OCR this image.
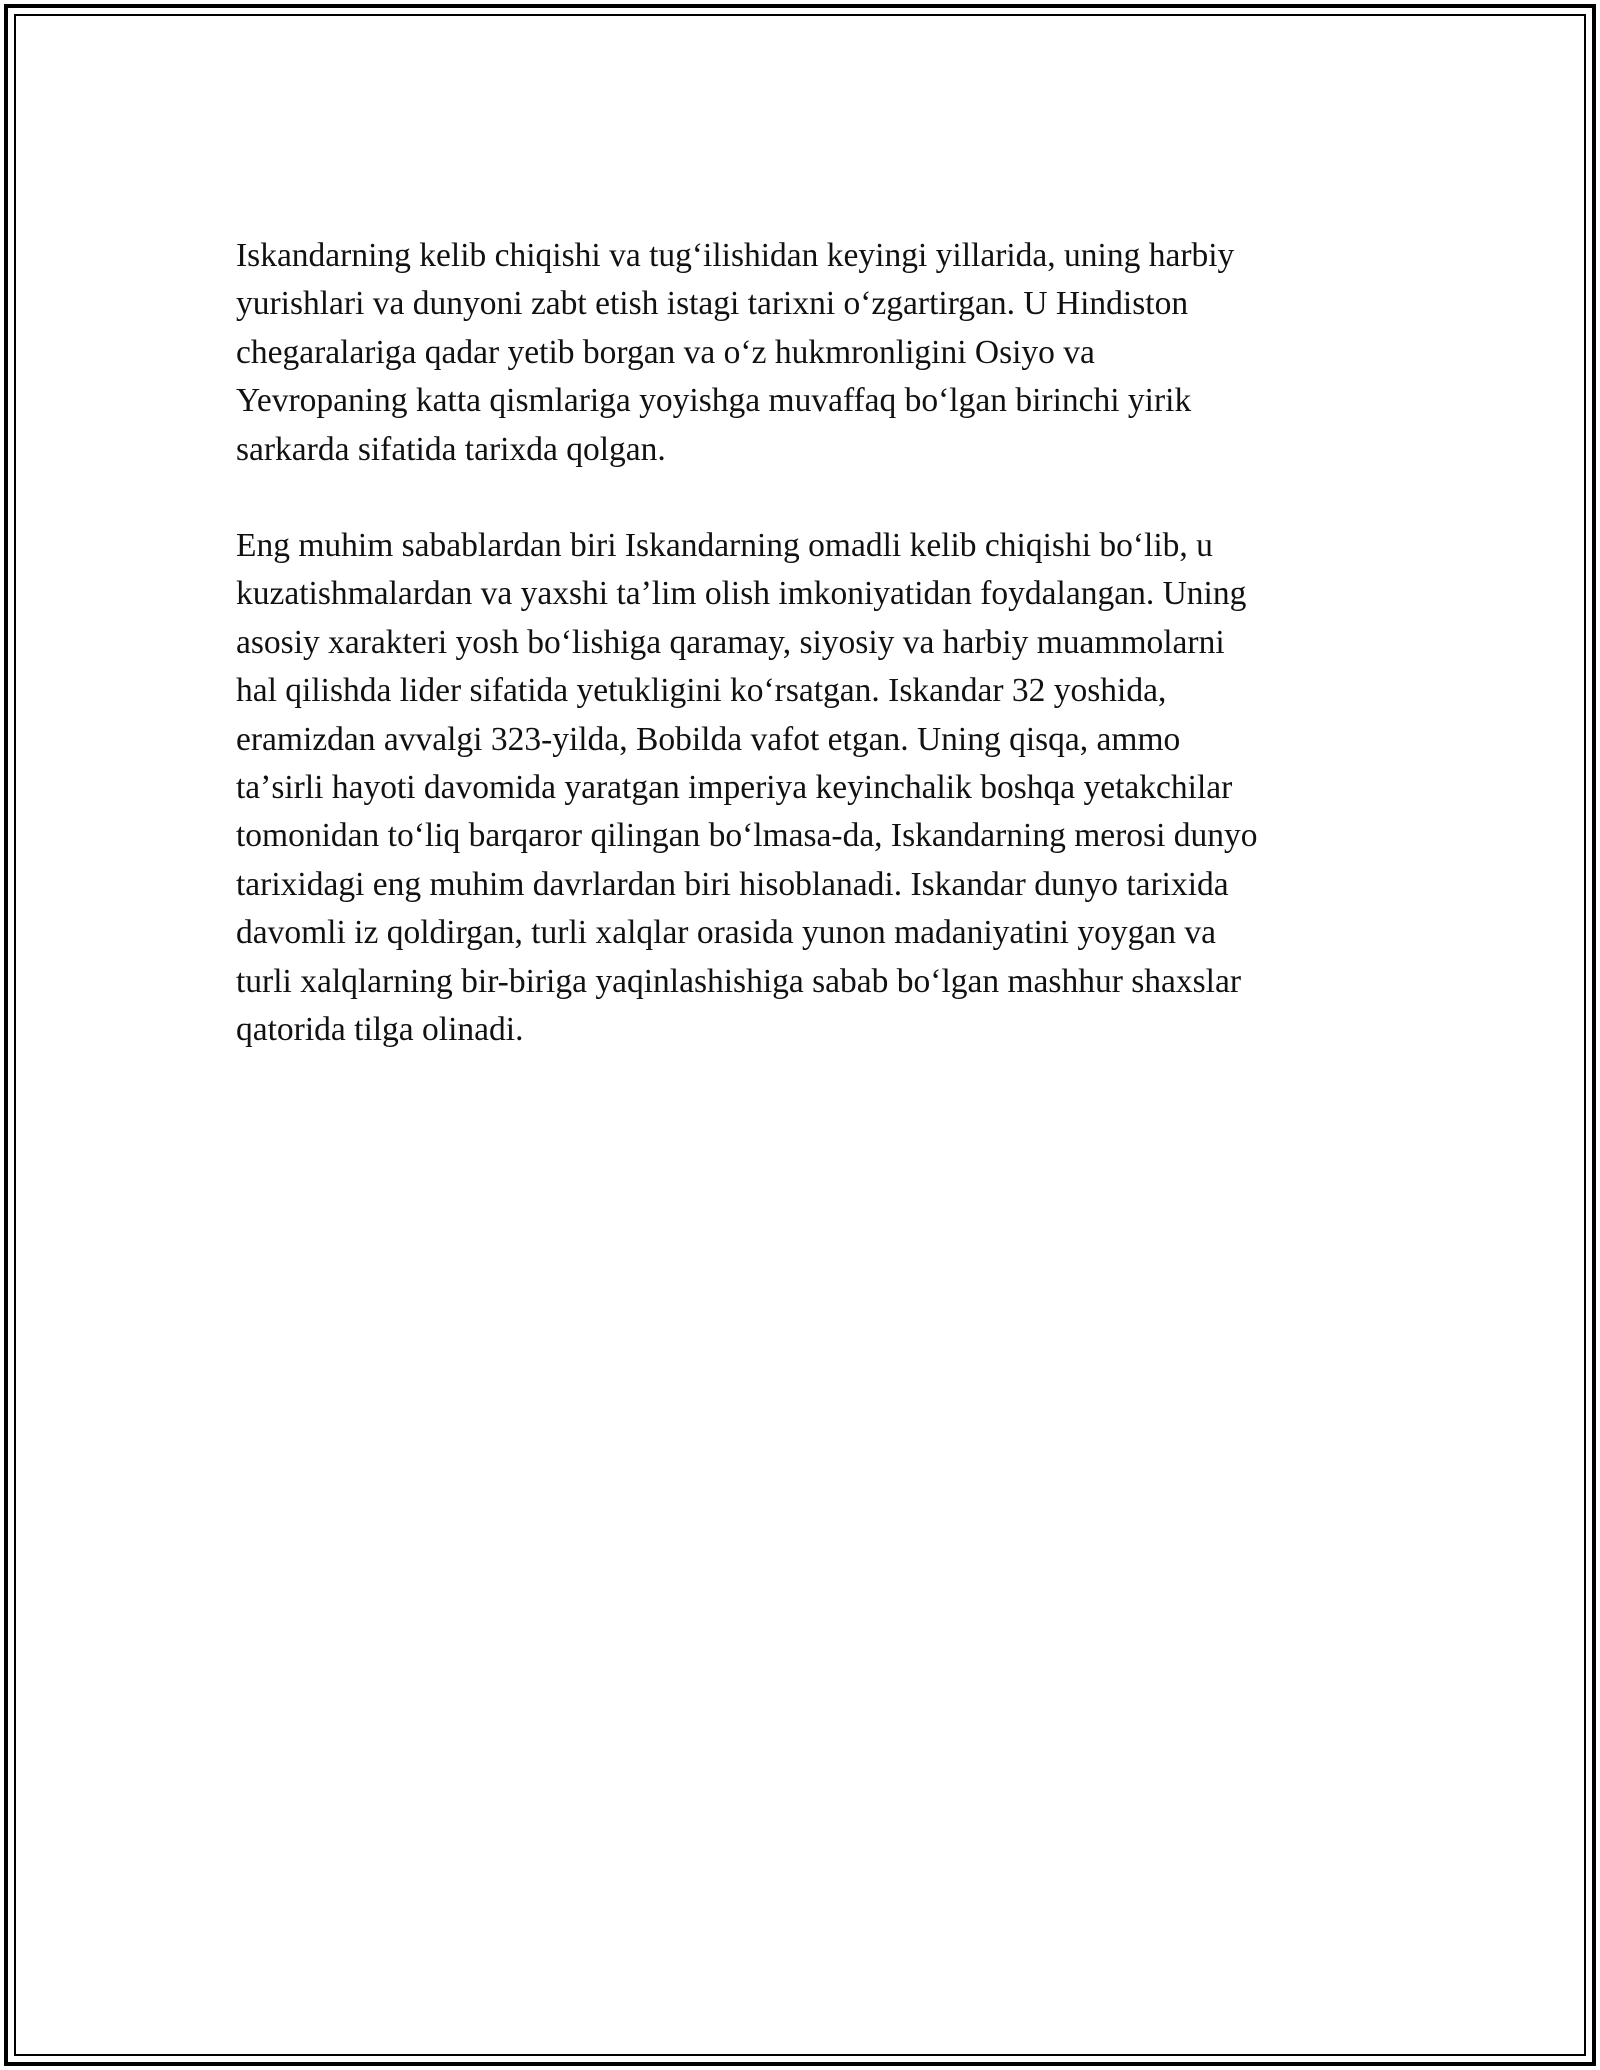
Iskandarning kelib chiqishi va tugʻilishidan keyingi yillarida, uning harbiy
yurishlari va dunyoni zabt etish istagi tarixni oʻzgartirgan. U Hindiston
chegaralariga qadar yetib borgan va oʻz hukmronligini Osiyo va
Yevropaning katta qismlariga yoyishga muvaffaq boʻlgan birinchi yirik
sarkarda sifatida tarixda qolgan.

Eng muhim sabablardan biri Iskandarning omadli kelib chiqishi boʻlib, u
kuzatishmalardan va yaxshi taʼlim olish imkoniyatidan foydalangan. Uning
asosiy xarakteri yosh boʻlishiga qaramay, siyosiy va harbiy muammolarni
hal qilishda lider sifatida yetukligini koʻrsatgan. Iskandar 32 yoshida,
eramizdan avvalgi 323-yilda, Bobilda vafot etgan. Uning qisqa, ammo
taʼsirli hayoti davomida yaratgan imperiya keyinchalik boshqa yetakchilar
tomonidan toʻliq barqaror qilingan boʻlmasa-da, Iskandarning merosi dunyo
tarixidagi eng muhim davrlardan biri hisoblanadi. Iskandar dunyo tarixida
davomli iz qoldirgan, turli xalqlar orasida yunon madaniyatini yoygan va
turli xalqlarning bir-biriga yaqinlashishiga sabab boʻlgan mashhur shaxslar
qatorida tilga olinadi.
